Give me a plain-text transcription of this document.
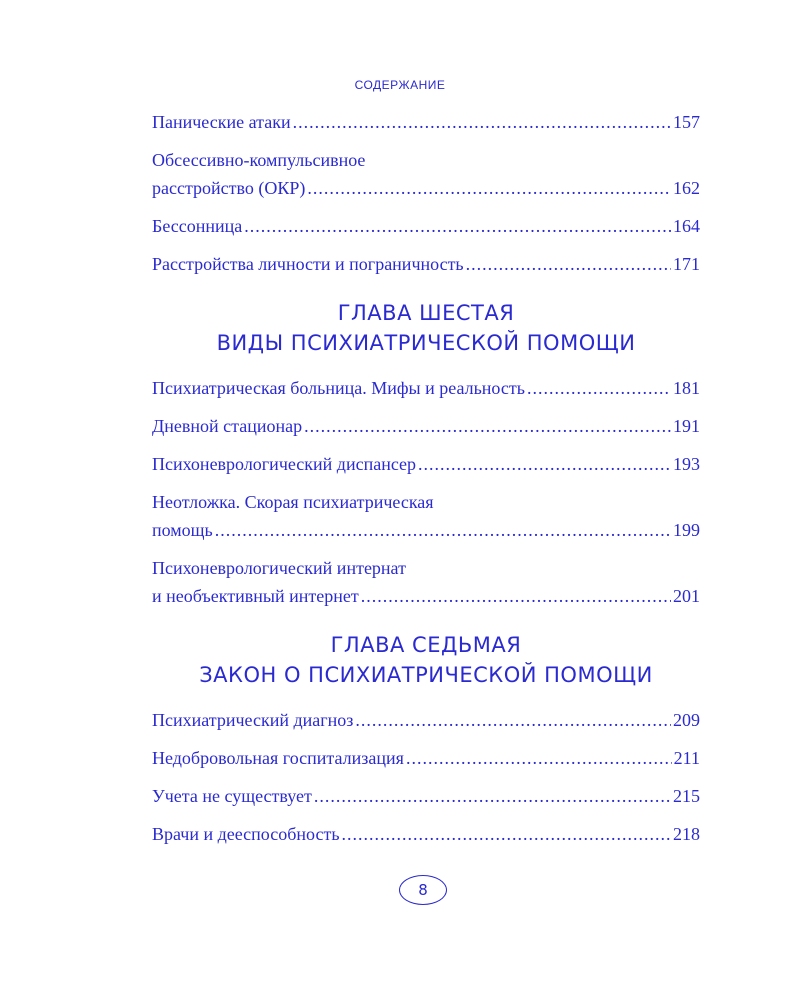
СОДЕРЖАНИЕ
Панические атаки .....	157
Обсессивно-компульсивное
расстройство (ОКР) .....	162
Бессонница .....	164
Расстройства личности и пограничность .....	171
ГЛАВА ШЕСТАЯ
ВИДЫ ПСИХИАТРИЧЕСКОЙ ПОМОЩИ
Психиатрическая больница. Мифы и реальность .....	181
Дневной стационар .....	191
Психоневрологический диспансер .....	193
Неотложка. Скорая психиатрическая
помощь .....	199
Психоневрологический интернат
и необъективный интернет .....	201
ГЛАВА СЕДЬМАЯ
ЗАКОН О ПСИХИАТРИЧЕСКОЙ ПОМОЩИ
Психиатрический диагноз .....	209
Недобровольная госпитализация .....	211
Учета не существует .....	215
Врачи и дееспособность .....	218
8
